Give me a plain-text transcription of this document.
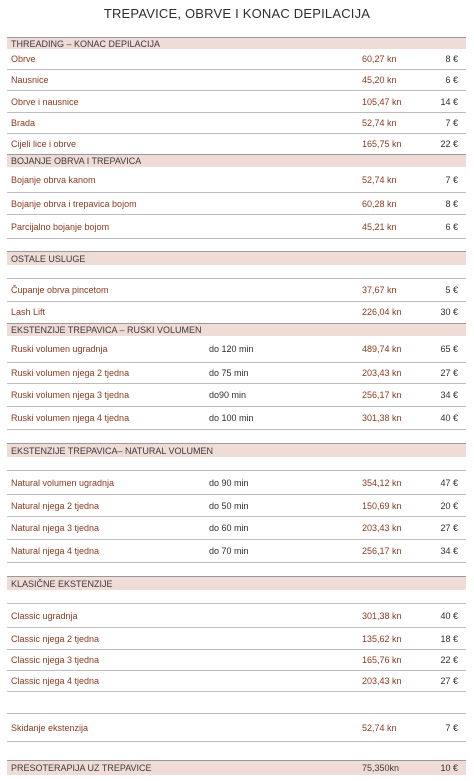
TREPAVICE, OBRVE I KONAC DEPILACIJA
THREADING – KONAC DEPILACIJA
Obrve	60,27 kn	8 €
Nausnice	45,20 kn	6 €
Obrve i nausnice	105,47 kn	14 €
Brada	52,74 kn	7 €
Cijeli lice i obrve	165,75 kn	22 €
BOJANJE OBRVA I TREPAVICA
Bojanje obrva kanom	52,74 kn	7 €
Bojanje obrva i trepavica bojom	60,28 kn	8 €
Parcijalno bojanje bojom	45,21 kn	6 €
OSTALE USLUGE
Čupanje obrva pincetom	37,67 kn	5 €
Lash Lift	226,04 kn	30 €
EKSTENZIJE TREPAVICA – RUSKI VOLUMEN
Ruski volumen ugradnja	do 120 min	489,74 kn	65 €
Ruski volumen njega 2 tjedna	do 75 min	203,43 kn	27 €
Ruski volumen njega 3 tjedna	do90 min	256,17 kn	34 €
Ruski volumen njega 4 tjedna	do 100 min	301,38 kn	40 €
EKSTENZIJE TREPAVICA– NATURAL VOLUMEN
Natural volumen ugradnja	do 90 min	354,12 kn	47 €
Natural njega 2 tjedna	do 50 min	150,69 kn	20 €
Natural njega 3 tjedna	do 60 min	203,43 kn	27 €
Natural njega 4 tjedna	do 70 min	256,17 kn	34 €
KLASIČNE EKSTENZIJE
Classic ugradnja	301,38 kn	40 €
Classic njega 2 tjedna	135,62 kn	18 €
Classic njega 3 tjedna	165,76 kn	22 €
Classic njega 4 tjedna	203,43 kn	27 €
Skidanje ekstenzija	52,74 kn	7 €
PRESOTERAPIJA UZ TREPAVICE	75,350kn	10 €
